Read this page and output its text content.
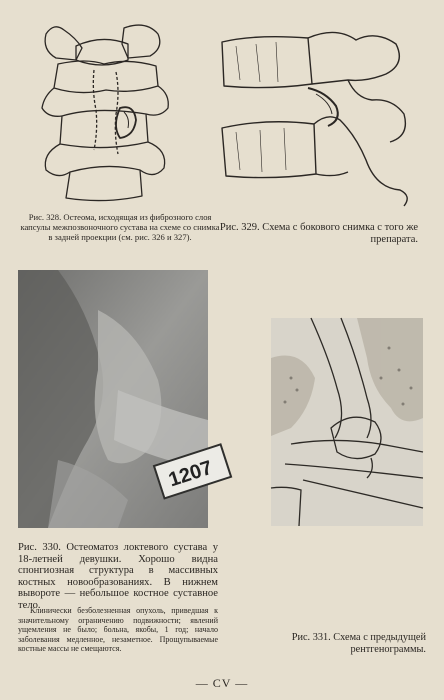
Рис. 328. Остеома, исходящая из фиброзного слоя капсулы межпозвоночного сустава на схеме со снимка в задней проекции (см. рис. 326 и 327).
Рис. 329. Схема с бокового снимка с того же препарата.
1207
Рис. 330. Остеоматоз локтевого сустава у 18-летней девушки. Хорошо видна спонгиозная структура в массивных костных новообразованиях. В нижнем вывороте — небольшое костное суставное тело.
Клинически безболезненная опухоль, приведшая к значительному ограничению подвижности; явлений ущемления не было; больна, якобы, 1 год; начало заболевания медленное, незаметное. Прощупываемые костные массы не смещаются.
Рис. 331. Схема с предыдущей рентгенограммы.
— CV —
